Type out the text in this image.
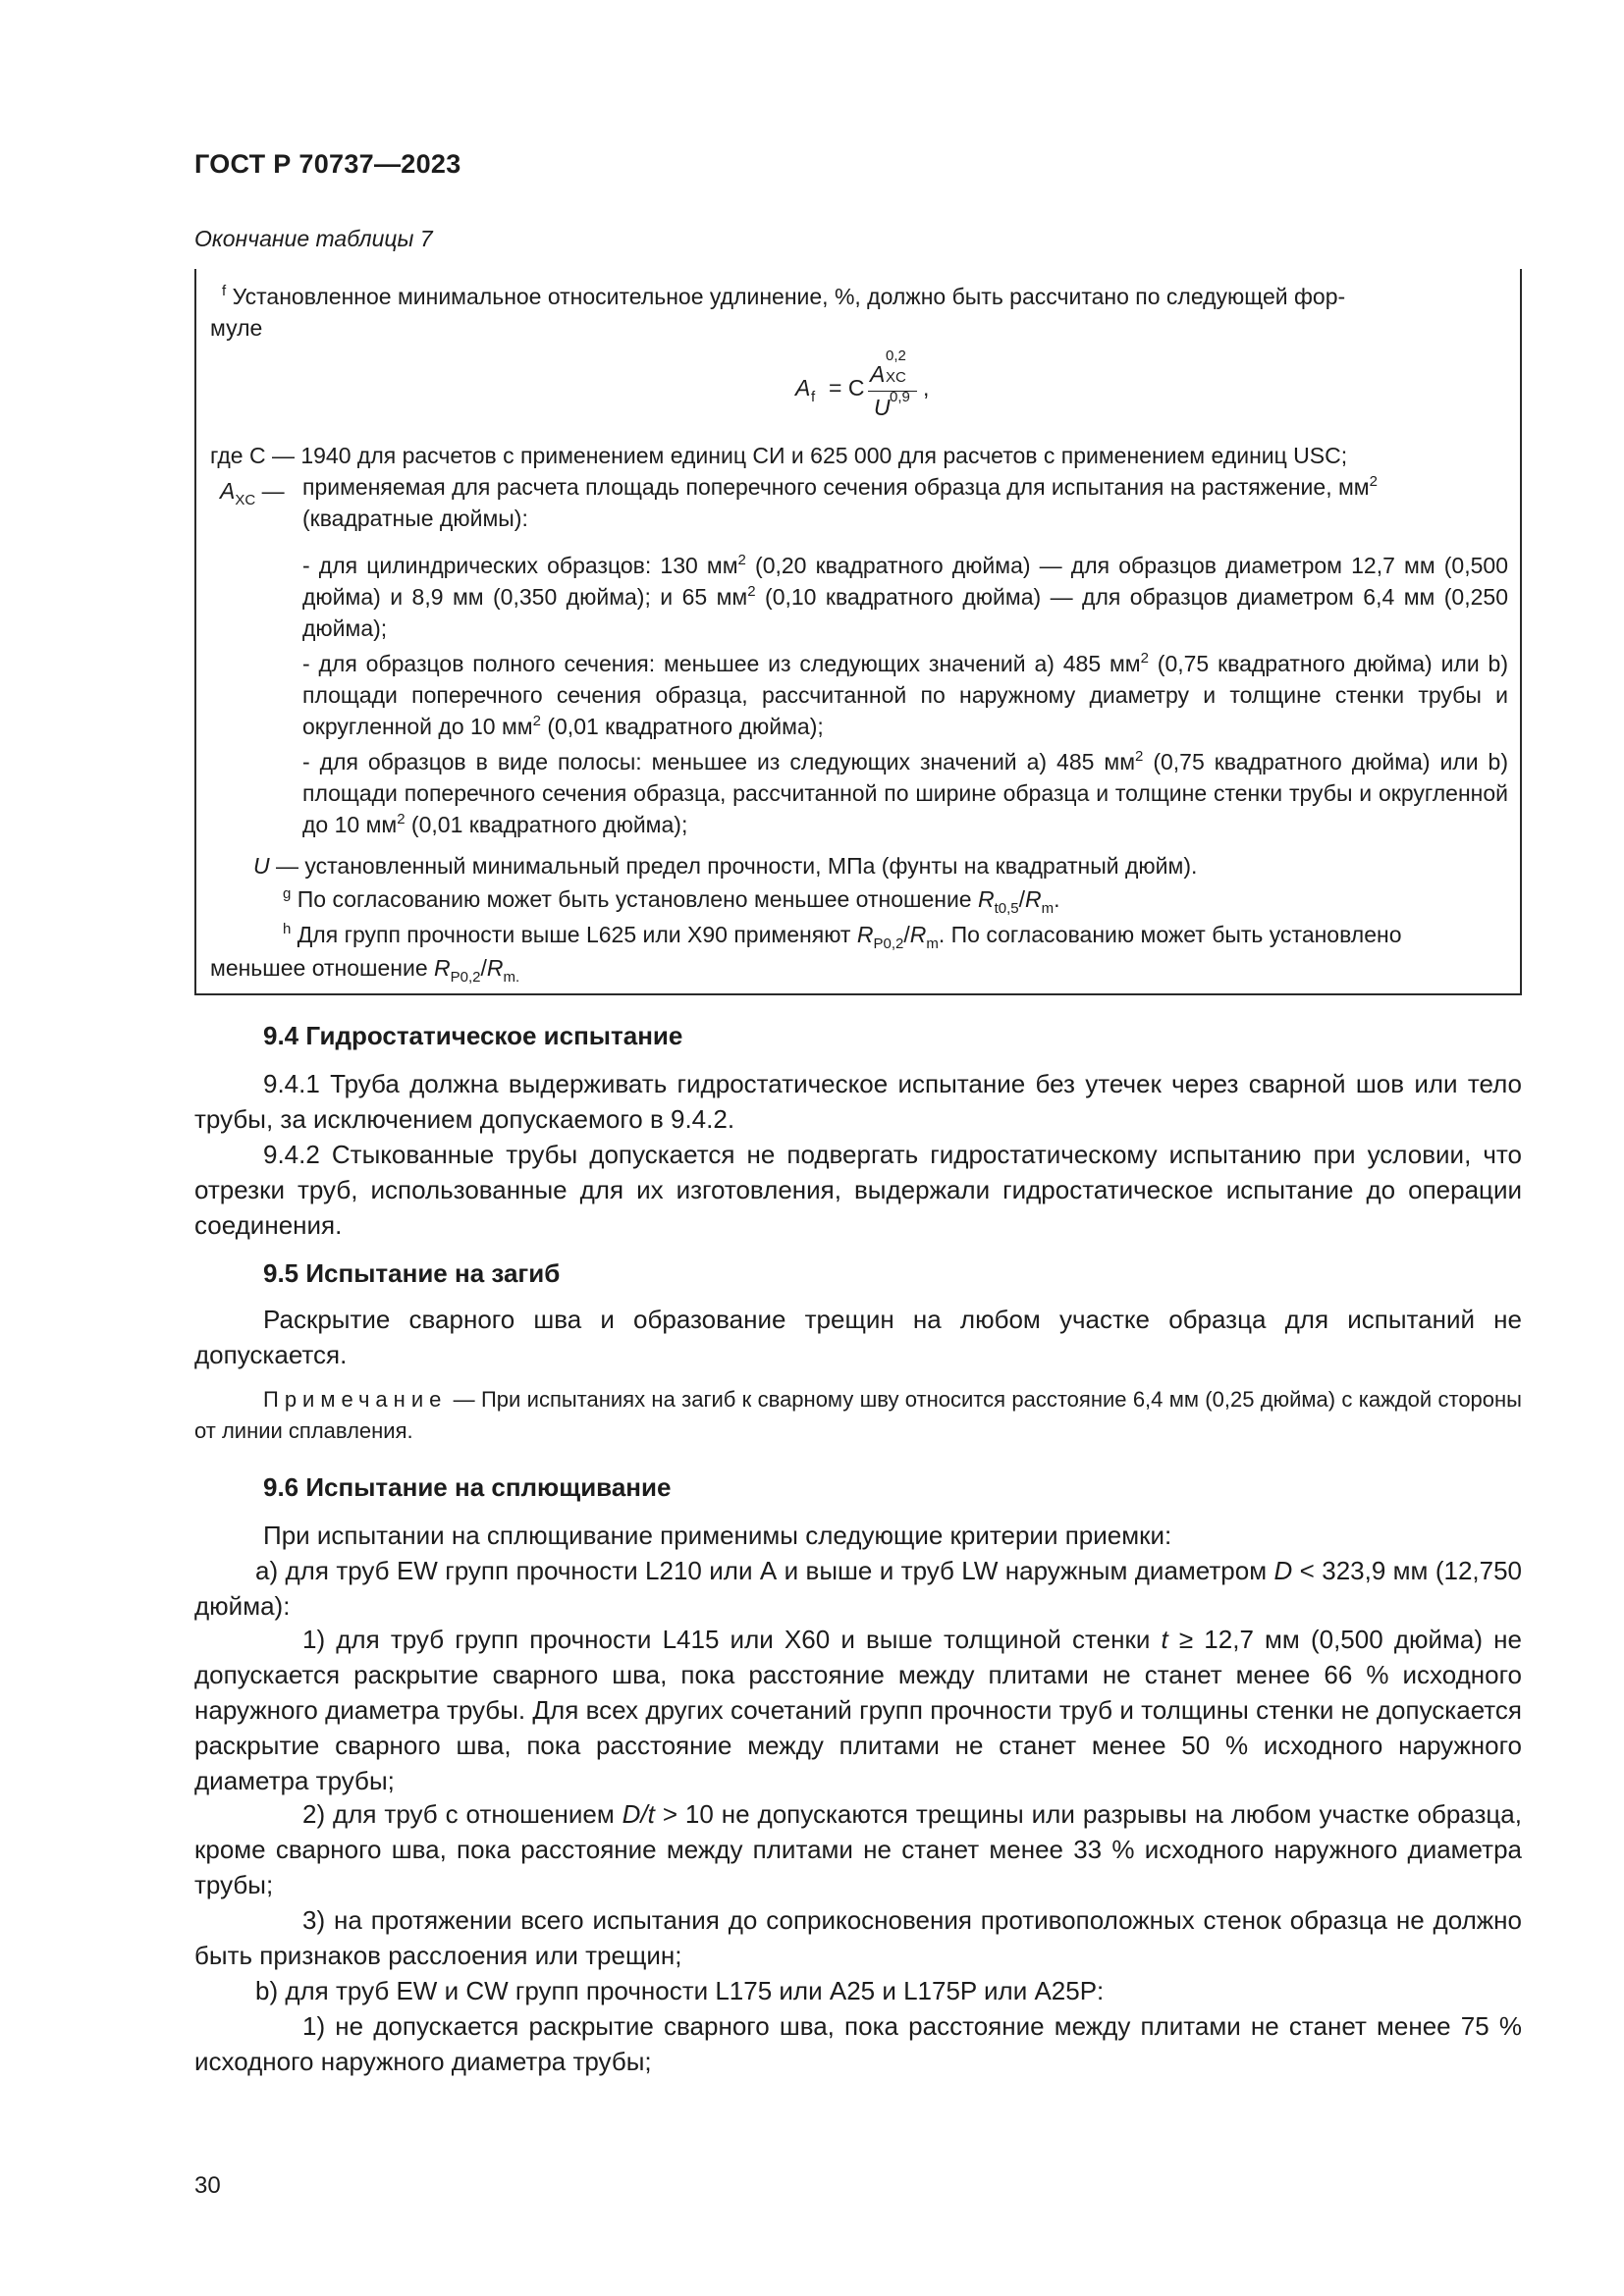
ГОСТ Р 70737—2023
Окончание таблицы 7
$^f$ Установленное минимальное относительное удлинение, %, должно быть рассчитано по следующей фор-
муле
A f = C
A
0,2
XC
U 0,9 ,
где С — 1940 для расчетов с применением единиц СИ и 625 000 для расчетов с применением единиц USC;
$A_{XC}$ — применяемая для расчета площадь поперечного сечения образца для испытания на растяжение, $мм^2$
(квадратные дюймы):
- для цилиндрических образцов: 130 $мм^2$ (0,20 квадратного дюйма) — для образцов диаметром 12,7 мм (0,500 дюйма) и 8,9 мм (0,350 дюйма); и 65 $мм^2$ (0,10 квадратного дюйма) — для образцов диаметром 6,4 мм (0,250 дюйма);
- для образцов полного сечения: меньшее из следующих значений a) 485 $мм^2$ (0,75 квадратного дюйма) или b) площади поперечного сечения образца, рассчитанной по наружному диаметру и толщине стенки трубы и округленной до 10 $мм^2$ (0,01 квадратного дюйма);
- для образцов в виде полосы: меньшее из следующих значений a) 485 $мм^2$ (0,75 квадратного дюйма) или b) площади поперечного сечения образца, рассчитанной по ширине образца и толщине стенки трубы и округленной до 10 $мм^2$ (0,01 квадратного дюйма);
U — установленный минимальный предел прочности, МПа (фунты на квадратный дюйм).
$^g$ По согласованию может быть установлено меньшее отношение $R_{t0,5}/R_m$.
$^h$ Для групп прочности выше L625 или Х90 применяют $R_{P0,2}/R_m$. По согласованию может быть установлено
меньшее отношение $R_{P0,2}/R_{m.}$
9.4 Гидростатическое испытание
9.4.1 Труба должна выдерживать гидростатическое испытание без утечек через сварной шов или тело трубы, за исключением допускаемого в 9.4.2.
9.4.2 Стыкованные трубы допускается не подвергать гидростатическому испытанию при условии, что отрезки труб, использованные для их изготовления, выдержали гидростатическое испытание до операции соединения.
9.5 Испытание на загиб
Раскрытие сварного шва и образование трещин на любом участке образца для испытаний не допускается.
Примечание — При испытаниях на загиб к сварному шву относится расстояние 6,4 мм (0,25 дюйма) с каждой стороны от линии сплавления.
9.6 Испытание на сплющивание
При испытании на сплющивание применимы следующие критерии приемки:
а) для труб EW групп прочности L210 или А и выше и труб LW наружным диаметром D < 323,9 мм (12,750 дюйма):
1) для труб групп прочности L415 или Х60 и выше толщиной стенки t ≥ 12,7 мм (0,500 дюйма) не допускается раскрытие сварного шва, пока расстояние между плитами не станет менее 66 % исходного наружного диаметра трубы. Для всех других сочетаний групп прочности труб и толщины стенки не допускается раскрытие сварного шва, пока расстояние между плитами не станет менее 50 % исходного наружного диаметра трубы;
2) для труб с отношением D/t > 10 не допускаются трещины или разрывы на любом участке образца, кроме сварного шва, пока расстояние между плитами не станет менее 33 % исходного наружного диаметра трубы;
3) на протяжении всего испытания до соприкосновения противоположных стенок образца не должно быть признаков расслоения или трещин;
b) для труб EW и CW групп прочности L175 или А25 и L175P или А25P:
1) не допускается раскрытие сварного шва, пока расстояние между плитами не станет менее 75 % исходного наружного диаметра трубы;
30
